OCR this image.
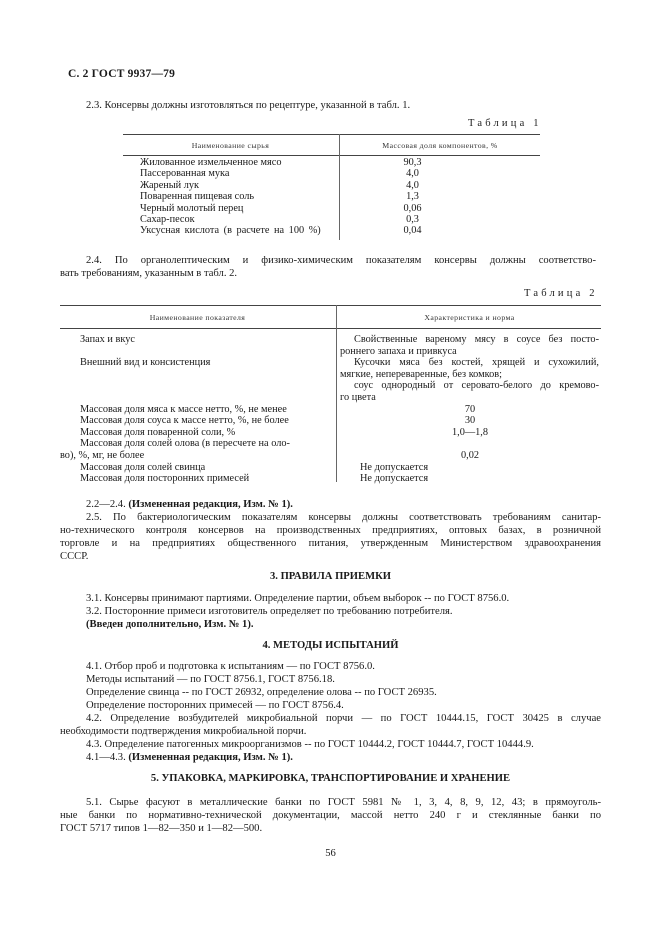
С. 2 ГОСТ 9937—79
2.3. Консервы должны изготовляться по рецептуре, указанной в табл. 1.
Таблица 1
Наименование сырья	Массовая доля компонентов, %
Жилованное измельченное мясо	90,3
Пассерованная мука	4,0
Жареный лук	4,0
Поваренная пищевая соль	1,3
Черный молотый перец	0,06
Сахар-песок	0,3
Уксусная кислота (в расчете на 100 %)	0,04
2.4. По органолептическим и физико-химическим показателям консервы должны соответство-
вать требованиям, указанным в табл. 2.
Таблица 2
Наименование показателя	Характеристика и норма
Запах и вкус	Свойственные вареному мясу в соусе без посто-
роннего запаха и привкуса
Внешний вид и консистенция	Кусочки мяса без костей, хрящей и сухожилий,
мягкие, непереваренные, без комков;
соус однородный от серовато-белого до кремово-
го цвета
Массовая доля мяса к массе нетто, %, не менее	70
Массовая доля соуса к массе нетто, %, не более	30
Массовая доля поваренной соли, %	1,0—1,8
Массовая доля солей олова (в пересчете на оло-
во), %, мг, не более	0,02
Массовая доля солей свинца	Не допускается
Массовая доля посторонних примесей	Не допускается
2.2—2.4. (Измененная редакция, Изм. № 1).
2.5. По бактериологическим показателям консервы должны соответствовать требованиям санитар-
но-технического контроля консервов на производственных предприятиях, оптовых базах, в розничной
торговле и на предприятиях общественного питания, утвержденным Министерством здравоохранения
СССР.
3. ПРАВИЛА ПРИЕМКИ
3.1. Консервы принимают партиями. Определение партии, объем выборок -- по ГОСТ 8756.0.
3.2. Посторонние примеси изготовитель определяет по требованию потребителя.
(Введен дополнительно, Изм. № 1).
4. МЕТОДЫ ИСПЫТАНИЙ
4.1. Отбор проб и подготовка к испытаниям — по ГОСТ 8756.0.
Методы испытаний — по ГОСТ 8756.1, ГОСТ 8756.18.
Определение свинца -- по ГОСТ 26932, определение олова -- по ГОСТ 26935.
Определение посторонних примесей — по ГОСТ 8756.4.
4.2. Определение возбудителей микробиальной порчи — по ГОСТ 10444.15, ГОСТ 30425 в случае
необходимости подтверждения микробиальной порчи.
4.3. Определение патогенных микроорганизмов -- по ГОСТ 10444.2, ГОСТ 10444.7, ГОСТ 10444.9.
4.1—4.3. (Измененная редакция, Изм. № 1).
5. УПАКОВКА, МАРКИРОВКА, ТРАНСПОРТИРОВАНИЕ И ХРАНЕНИЕ
5.1. Сырье фасуют в металлические банки по ГОСТ 5981 № 1, 3, 4, 8, 9, 12, 43; в прямоуголь-
ные банки по нормативно-технической документации, массой нетто 240 г и стеклянные банки по
ГОСТ 5717 типов 1—82—350 и 1—82—500.
56
